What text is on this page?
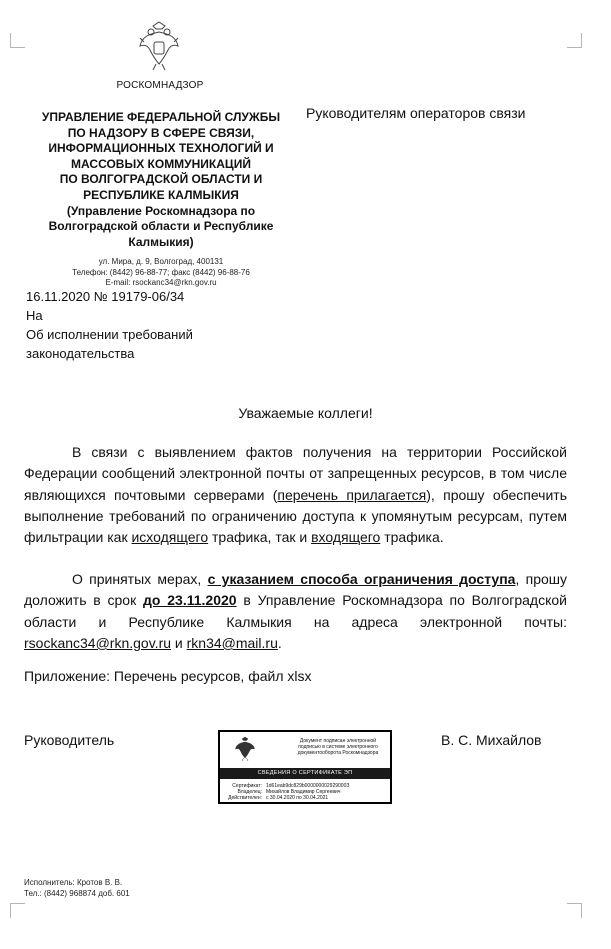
РОСКОМНАДЗОР
УПРАВЛЕНИЕ ФЕДЕРАЛЬНОЙ СЛУЖБЫ
ПО НАДЗОРУ В СФЕРЕ СВЯЗИ,
ИНФОРМАЦИОННЫХ ТЕХНОЛОГИЙ И
МАССОВЫХ КОММУНИКАЦИЙ
ПО ВОЛГОГРАДСКОЙ ОБЛАСТИ И
РЕСПУБЛИКЕ КАЛМЫКИЯ
(Управление Роскомнадзора по Волгоградской области и Республике Калмыкия)
ул. Мира, д. 9, Волгоград, 400131
Телефон: (8442) 96-88-77; факс (8442) 96-88-76
E-mail: rsockanc34@rkn.gov.ru
Руководителям операторов связи
16.11.2020 № 19179-06/34
На
Об исполнении требований
законодательства
Уважаемые коллеги!
В связи с выявлением фактов получения на территории Российской Федерации сообщений электронной почты от запрещенных ресурсов, в том числе являющихся почтовыми серверами (перечень прилагается), прошу обеспечить выполнение требований по ограничению доступа к упомянутым ресурсам, путем фильтрации как исходящего трафика, так и входящего трафика.
О принятых мерах, с указанием способа ограничения доступа, прошу доложить в срок до 23.11.2020 в Управление Роскомнадзора по Волгоградской области и Республике Калмыкия на адреса электронной почты: rsockanc34@rkn.gov.ru и rkn34@mail.ru.
Приложение: Перечень ресурсов, файл xlsx
Руководитель	В. С. Михайлов
Документ подписан электронной
подписью в системе электронного
документооборота Роскомнадзора
СВЕДЕНИЯ О СЕРТИФИКАТЕ ЭП
Сертификат: 1d61eab9dc829b000000002929000З
Владелец: Михайлов Владимир Сергеевич
Действителен: с 30.04.2020 по 30.04.2021
Исполнитель: Кротов В. В.
Тел.: (8442) 968874 доб. 601
